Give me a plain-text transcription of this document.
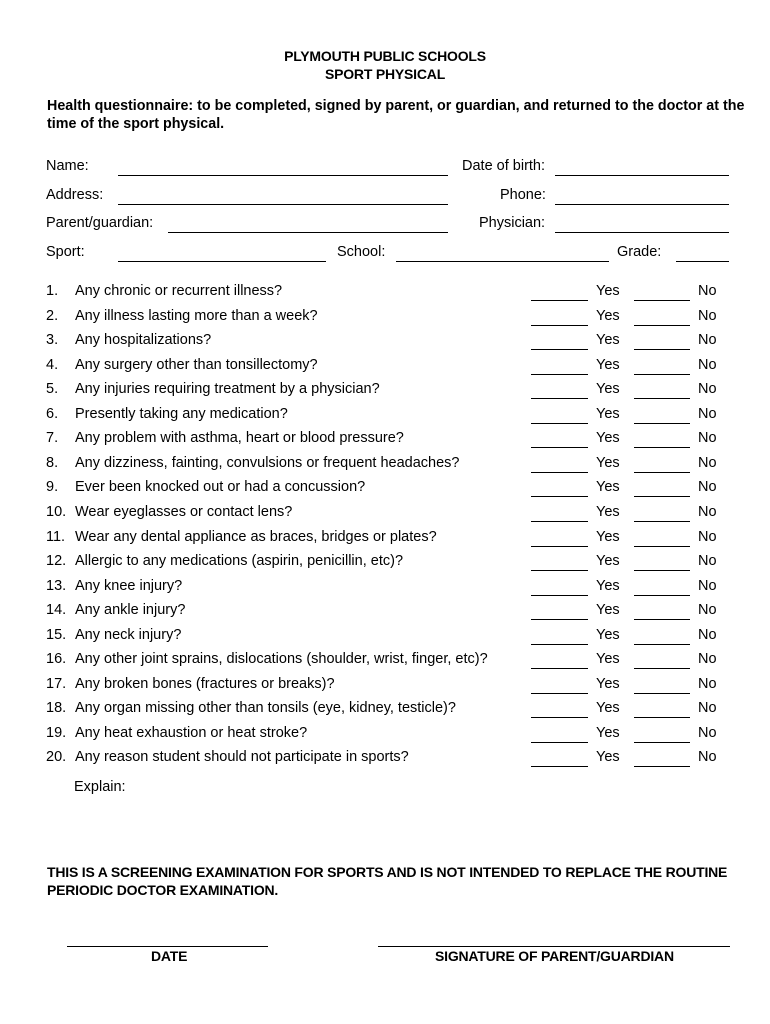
PLYMOUTH PUBLIC SCHOOLS
SPORT PHYSICAL
Health questionnaire: to be completed, signed by parent, or guardian, and returned to the doctor at the time of the sport physical.
Name:	Date of birth:
Address:	Phone:
Parent/guardian:	Physician:
Sport:	School:	Grade:
1.	Any chronic or recurrent illness?	Yes	No
2.	Any illness lasting more than a week?	Yes	No
3.	Any hospitalizations?	Yes	No
4.	Any surgery other than tonsillectomy?	Yes	No
5.	Any injuries requiring treatment by a physician?	Yes	No
6.	Presently taking any medication?	Yes	No
7.	Any problem with asthma, heart or blood pressure?	Yes	No
8.	Any dizziness, fainting, convulsions or frequent headaches?	Yes	No
9.	Ever been knocked out or had a concussion?	Yes	No
10. Wear eyeglasses or contact lens?	Yes	No
11. Wear any dental appliance as braces, bridges or plates?	Yes	No
12. Allergic to any medications (aspirin, penicillin, etc)?	Yes	No
13. Any knee injury?	Yes	No
14. Any ankle injury?	Yes	No
15. Any neck injury?	Yes	No
16. Any other joint sprains, dislocations (shoulder, wrist, finger, etc)?	Yes	No
17. Any broken bones (fractures or breaks)?	Yes	No
18. Any organ missing other than tonsils (eye, kidney, testicle)?	Yes	No
19. Any heat exhaustion or heat stroke?	Yes	No
20. Any reason student should not participate in sports?	Yes	No
Explain:
THIS IS A SCREENING EXAMINATION FOR SPORTS AND IS NOT INTENDED TO REPLACE THE ROUTINE PERIODIC DOCTOR EXAMINATION.
DATE	SIGNATURE OF PARENT/GUARDIAN
